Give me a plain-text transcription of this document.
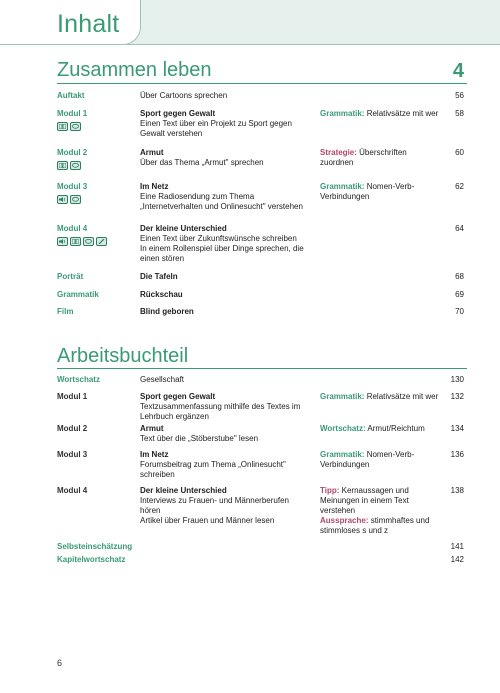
Inhalt
Zusammen leben	4
Auftakt	Über Cartoons sprechen	56
Modul 1	Sport gegen Gewalt
Einen Text über ein Projekt zu Sport gegen Gewalt verstehen
Grammatik: Relativsätze mit wer 58
Modul 2	Armut
Über das Thema „Armut" sprechen
Strategie: Überschriften zuordnen
60
Modul 3	Im Netz
Eine Radiosendung zum Thema „Internetverhalten und Onlinesucht" verstehen
Grammatik: Nomen-Verb-Verbindungen
62
Modul 4	Der kleine Unterschied
Einen Text über Zukunftswünsche schreiben
In einem Rollenspiel über Dinge sprechen, die einen stören
64
Porträt	Die Tafeln	68
Grammatik	Rückschau	69
Film	Blind geboren	70
Arbeitsbuchteil
Wortschatz	Gesellschaft	130
Modul 1	Sport gegen Gewalt
Textzusammenfassung mithilfe des Textes im Lehrbuch ergänzen
Grammatik: Relativsätze mit wer 132
Modul 2	Armut
Text über die „Stöberstube" lesen
Wortschatz: Armut/Reichtum	134
Modul 3	Im Netz
Forumsbeitrag zum Thema „Onlinesucht" schreiben
Grammatik: Nomen-Verb-Verbindungen
136
Modul 4	Der kleine Unterschied
Interviews zu Frauen- und Männerberufen hören
Artikel über Frauen und Männer lesen
Tipp: Kernaussagen und Meinungen in einem Text verstehen
Aussprache: stimmhaftes und stimmloses s und z
138
Selbsteinschätzung	141
Kapitelwortschatz	142
6
